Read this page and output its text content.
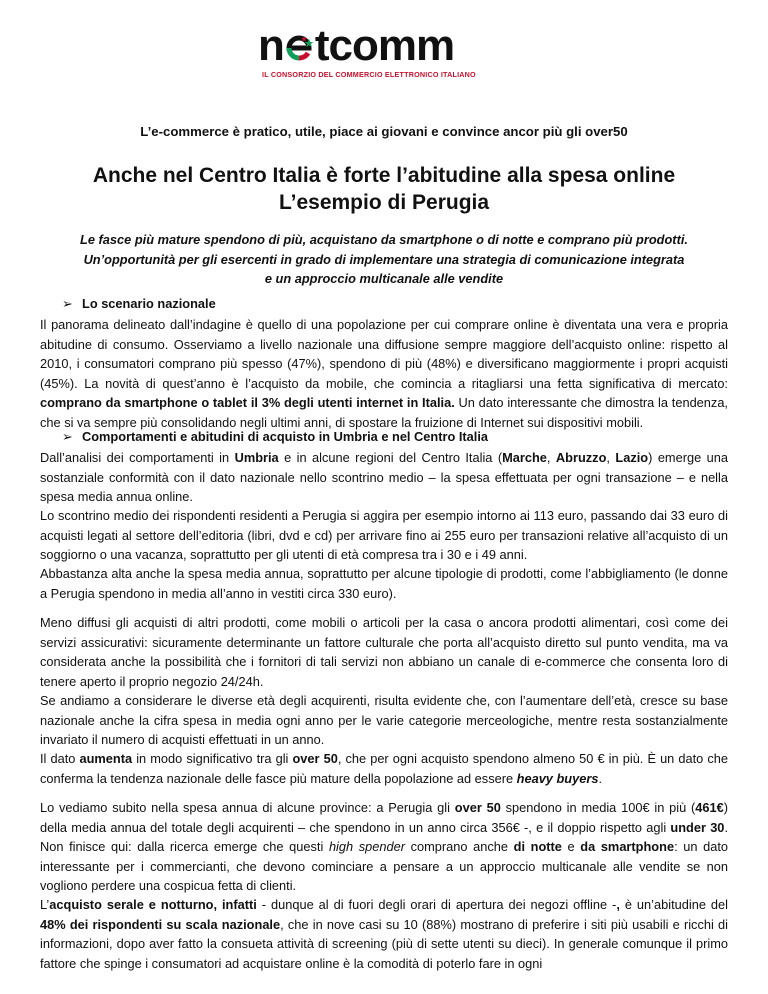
n tcomm
IL CONSORZIO DEL COMMERCIO ELETTRONICO ITALIANO
L’e-commerce è pratico, utile, piace ai giovani e convince ancor più gli over50
Anche nel Centro Italia è forte l’abitudine alla spesa online
L’esempio di Perugia
Le fasce più mature spendono di più, acquistano da smartphone o di notte e comprano più prodotti.
Un’opportunità per gli esercenti in grado di implementare una strategia di comunicazione integrata
e un approccio multicanale alle vendite
➢ Lo scenario nazionale

Il panorama delineato dall’indagine è quello di una popolazione per cui comprare online è diventata una vera e propria abitudine di consumo. Osserviamo a livello nazionale una diffusione sempre maggiore dell’acquisto online: rispetto al 2010, i consumatori comprano più spesso (47%), spendono di più (48%) e diversificano maggiormente i propri acquisti (45%). La novità di quest’anno è l’acquisto da mobile, che comincia a ritagliarsi una fetta significativa di mercato: comprano da smartphone o tablet il 3% degli utenti internet in Italia. Un dato interessante che dimostra la tendenza, che si va sempre più consolidando negli ultimi anni, di spostare la fruizione di Internet sui dispositivi mobili.

➢ Comportamenti e abitudini di acquisto in Umbria e nel Centro Italia

Dall’analisi dei comportamenti in Umbria e in alcune regioni del Centro Italia (Marche, Abruzzo, Lazio) emerge una sostanziale conformità con il dato nazionale nello scontrino medio – la spesa effettuata per ogni transazione – e nella spesa media annua online.

Lo scontrino medio dei rispondenti residenti a Perugia si aggira per esempio intorno ai 113 euro, passando dai 33 euro di acquisti legati al settore dell’editoria (libri, dvd e cd) per arrivare fino ai 255 euro per transazioni relative all’acquisto di un soggiorno o una vacanza, soprattutto per gli utenti di età compresa tra i 30 e i 49 anni.

Abbastanza alta anche la spesa media annua, soprattutto per alcune tipologie di prodotti, come l’abbigliamento (le donne a Perugia spendono in media all’anno in vestiti circa 330 euro).

Meno diffusi gli acquisti di altri prodotti, come mobili o articoli per la casa o ancora prodotti alimentari, così come dei servizi assicurativi: sicuramente determinante un fattore culturale che porta all’acquisto diretto sul punto vendita, ma va considerata anche la possibilità che i fornitori di tali servizi non abbiano un canale di e-commerce che consenta loro di tenere aperto il proprio negozio 24/24h.

Se andiamo a considerare le diverse età degli acquirenti, risulta evidente che, con l’aumentare dell’età, cresce su base nazionale anche la cifra spesa in media ogni anno per le varie categorie merceologiche, mentre resta sostanzialmente invariato il numero di acquisti effettuati in un anno.

Il dato aumenta in modo significativo tra gli over 50, che per ogni acquisto spendono almeno 50 € in più. È un dato che conferma la tendenza nazionale delle fasce più mature della popolazione ad essere heavy buyers.

Lo vediamo subito nella spesa annua di alcune province: a Perugia gli over 50 spendono in media 100€ in più (461€) della media annua del totale degli acquirenti – che spendono in un anno circa 356€ -, e il doppio rispetto agli under 30. Non finisce qui: dalla ricerca emerge che questi high spender comprano anche di notte e da smartphone: un dato interessante per i commercianti, che devono cominciare a pensare a un approccio multicanale alle vendite se non vogliono perdere una cospicua fetta di clienti.

L’acquisto serale e notturno, infatti - dunque al di fuori degli orari di apertura dei negozi offline -, è un’abitudine del 48% dei rispondenti su scala nazionale, che in nove casi su 10 (88%) mostrano di preferire i siti più usabili e ricchi di informazioni, dopo aver fatto la consueta attività di screening (più di sette utenti su dieci). In generale comunque il primo fattore che spinge i consumatori ad acquistare online è la comodità di poterlo fare in ogni
